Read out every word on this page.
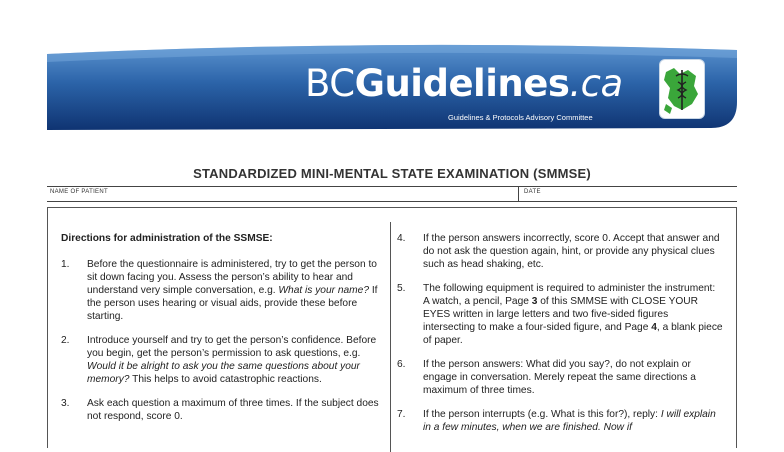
BCGuidelines.ca
Guidelines & Protocols Advisory Committee
STANDARDIZED MINI-MENTAL STATE EXAMINATION (SMMSE)
NAME OF PATIENT	DATE
Directions for administration of the SSMSE:
1. Before the questionnaire is administered, try to get the person to sit down facing you. Assess the person’s ability to hear and understand very simple conversation, e.g. What is your name? If the person uses hearing or visual aids, provide these before starting.

2. Introduce yourself and try to get the person’s confidence. Before you begin, get the person’s permission to ask questions, e.g. Would it be alright to ask you the same questions about your memory? This helps to avoid catastrophic reactions.

3. Ask each question a maximum of three times. If the subject does not respond, score 0.

4. If the person answers incorrectly, score 0. Accept that answer and do not ask the question again, hint, or provide any physical clues such as head shaking, etc.

5. The following equipment is required to administer the instrument: A watch, a pencil, Page 3 of this SMMSE with CLOSE YOUR EYES written in large letters and two five-sided figures intersecting to make a four-sided figure, and Page 4, a blank piece of paper.

6. If the person answers: What did you say?, do not explain or engage in conversation. Merely repeat the same directions a maximum of three times.

7. If the person interrupts (e.g. What is this for?), reply: I will explain in a few minutes, when we are finished. Now if
